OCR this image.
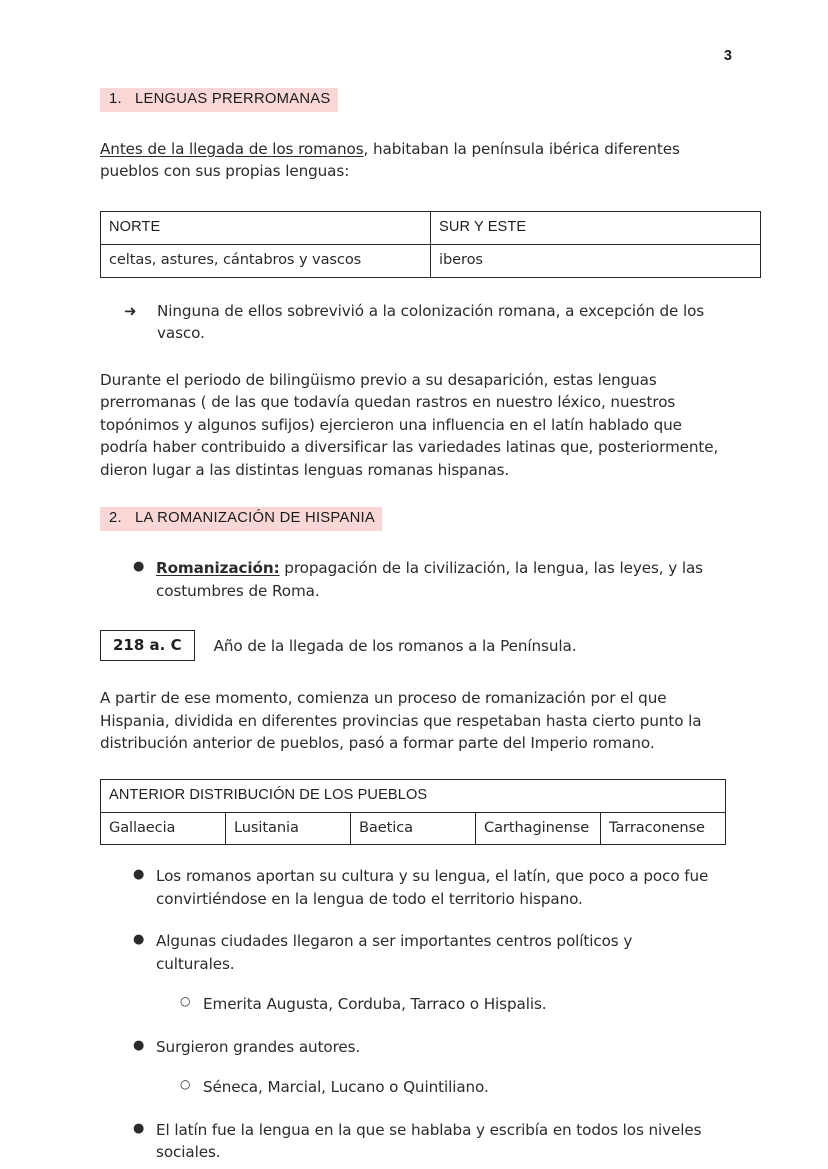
3
1. LENGUAS PRERROMANAS

Antes de la llegada de los romanos, habitaban la península ibérica diferentes pueblos con sus propias lenguas:

NORTE	SUR Y ESTE
celtas, astures, cántabros y vascos	iberos
➜	Ninguna de ellos sobrevivió a la colonización romana, a excepción de los vasco.

Durante el periodo de bilingüismo previo a su desaparición, estas lenguas prerromanas ( de las que todavía quedan rastros en nuestro léxico, nuestros topónimos y algunos sufijos) ejercieron una influencia en el latín hablado que podría haber contribuido a diversificar las variedades latinas que, posteriormente, dieron lugar a las distintas lenguas romanas hispanas.

2. LA ROMANIZACIÓN DE HISPANIA
● Romanización: propagación de la civilización, la lengua, las leyes, y las costumbres de Roma.
218 a. C	Año de la llegada de los romanos a la Península.

A partir de ese momento, comienza un proceso de romanización por el que Hispania, dividida en diferentes provincias que respetaban hasta cierto punto la distribución anterior de pueblos, pasó a formar parte del Imperio romano.

ANTERIOR DISTRIBUCIÓN DE LOS PUEBLOS
Gallaecia	Lusitania	Baetica	Carthaginense	Tarraconense
● Los romanos aportan su cultura y su lengua, el latín, que poco a poco fue convirtiéndose en la lengua de todo el territorio hispano.
● Algunas ciudades llegaron a ser importantes centros políticos y culturales.
○ Emerita Augusta, Corduba, Tarraco o Hispalis.
● Surgieron grandes autores.
○ Séneca, Marcial, Lucano o Quintiliano.
● El latín fue la lengua en la que se hablaba y escribía en todos los niveles sociales.
